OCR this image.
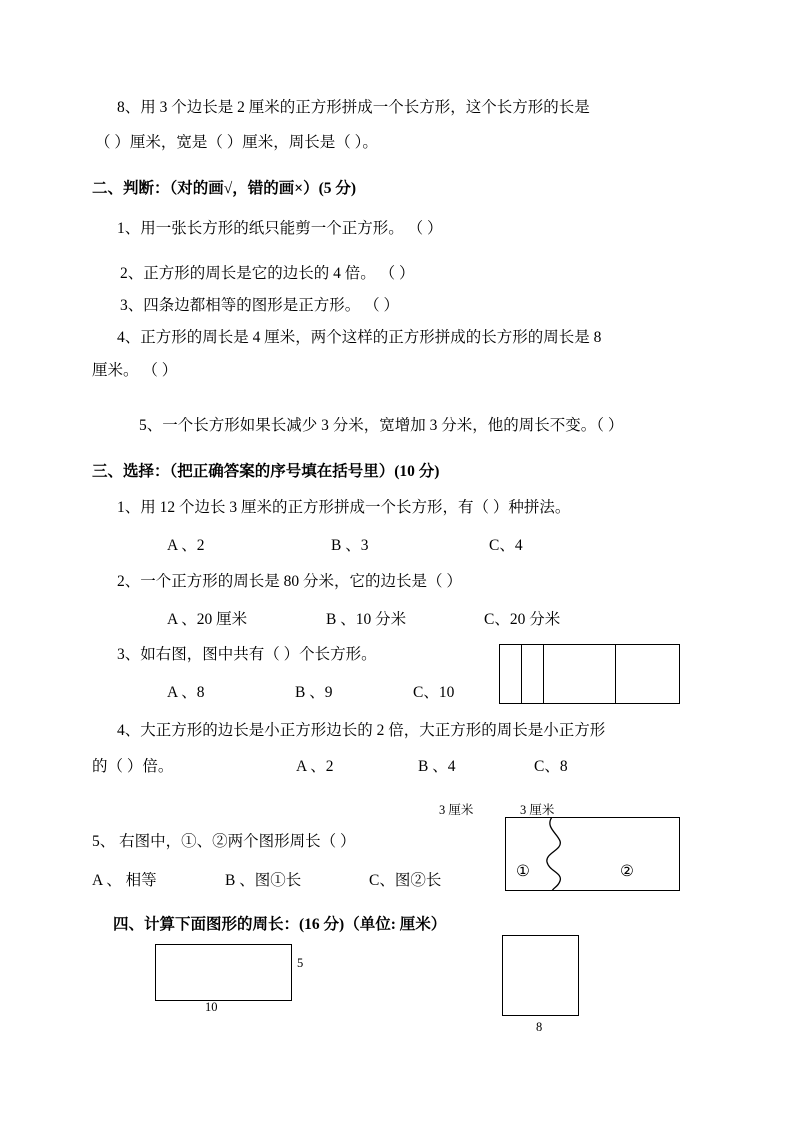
8、用 3 个边长是 2 厘米的正方形拼成一个长方形，这个长方形的长是
（ ）厘米，宽是（ ）厘米，周长是（ ）。
二、判断：（对的画√，错的画×）(5 分)
1、用一张长方形的纸只能剪一个正方形。 （ ）
2、正方形的周长是它的边长的 4 倍。 （ ）
3、四条边都相等的图形是正方形。 （ ）
4、正方形的周长是 4 厘米，两个这样的正方形拼成的长方形的周长是 8
厘米。 （ ）
5、一个长方形如果长减少 3 分米，宽增加 3 分米，他的周长不变。（ ）
三、选择：（把正确答案的序号填在括号里）(10 分)
1、用 12 个边长 3 厘米的正方形拼成一个长方形，有（ ）种拼法。
A 、2	B 、3	C、4
2、一个正方形的周长是 80 分米，它的边长是（ ）
A 、20 厘米	B 、10 分米	C、20 分米
3、如右图，图中共有（ ）个长方形。
A 、8	B 、9	C、10
4、大正方形的边长是小正方形边长的 2 倍，大正方形的周长是小正方形
的（ ）倍。	A 、2	B 、4	C、8
3 厘米	3 厘米
5、 右图中，①、②两个图形周长（ ）
A 、 相等	B 、图①长	C、图②长
①	②
四、计算下面图形的周长：(16 分)（单位: 厘米）
5
10
8
